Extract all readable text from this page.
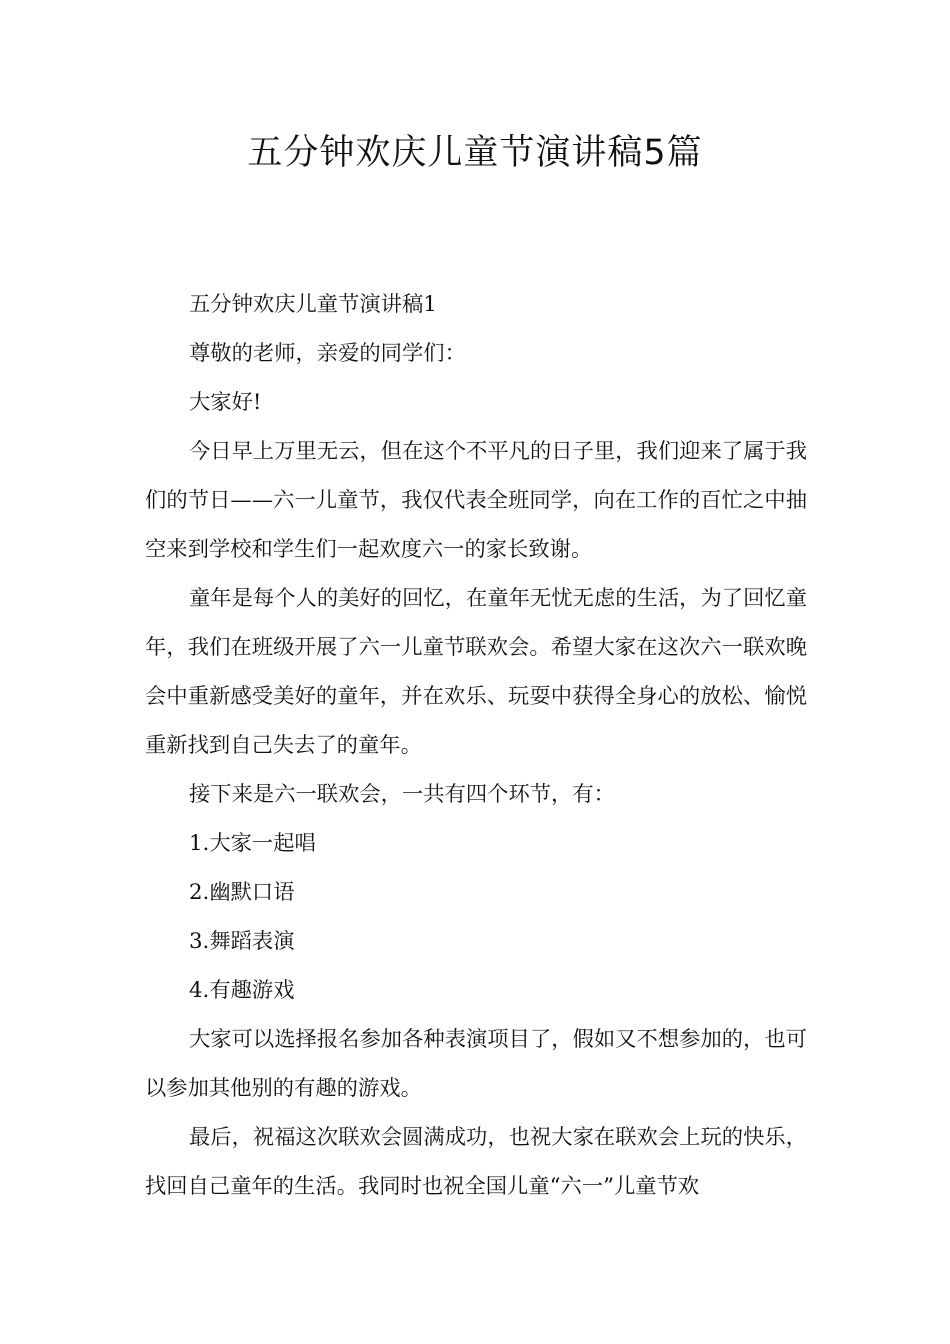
五分钟欢庆儿童节演讲稿5篇

五分钟欢庆儿童节演讲稿1

尊敬的老师，亲爱的同学们：

大家好!

今日早上万里无云，但在这个不平凡的日子里，我们迎来了属于我们的节日——六一儿童节，我仅代表全班同学，向在工作的百忙之中抽空来到学校和学生们一起欢度六一的家长致谢。

童年是每个人的美好的回忆，在童年无忧无虑的生活，为了回忆童年，我们在班级开展了六一儿童节联欢会。希望大家在这次六一联欢晚会中重新感受美好的童年，并在欢乐、玩耍中获得全身心的放松、愉悦重新找到自己失去了的童年。

接下来是六一联欢会，一共有四个环节，有：

1.大家一起唱

2.幽默口语

3.舞蹈表演

4.有趣游戏

大家可以选择报名参加各种表演项目了，假如又不想参加的，也可以参加其他别的有趣的游戏。

最后，祝福这次联欢会圆满成功，也祝大家在联欢会上玩的快乐，找回自己童年的生活。我同时也祝全国儿童“六一”儿童节欢
